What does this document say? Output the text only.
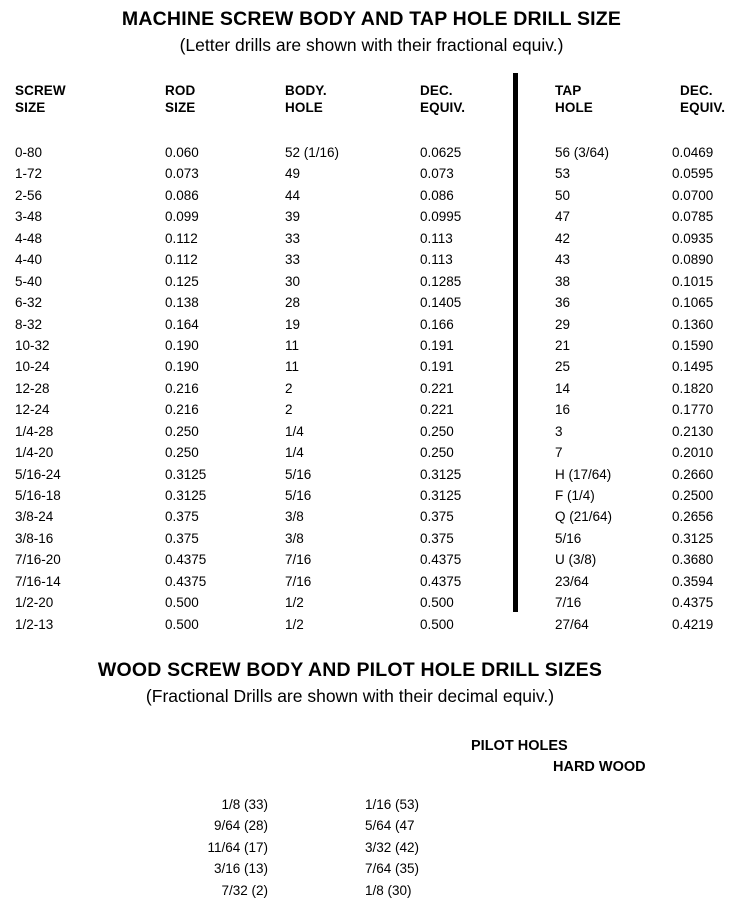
MACHINE SCREW BODY AND TAP HOLE DRILL SIZE
(Letter drills are shown with their fractional equiv.)
SCREW	ROD	BODY.	DEC.	TAP	DEC.
SIZE	SIZE	HOLE	EQUIV.	HOLE	EQUIV.
0-80	0.060	52 (1/16)	0.0625	56 (3/64)	0.0469
1-72	0.073	49	0.073	53	0.0595
2-56	0.086	44	0.086	50	0.0700
3-48	0.099	39	0.0995	47	0.0785
4-48	0.112	33	0.113	42	0.0935
4-40	0.112	33	0.113	43	0.0890
5-40	0.125	30	0.1285	38	0.1015
6-32	0.138	28	0.1405	36	0.1065
8-32	0.164	19	0.166	29	0.1360
10-32	0.190	11	0.191	21	0.1590
10-24	0.190	11	0.191	25	0.1495
12-28	0.216	2	0.221	14	0.1820
12-24	0.216	2	0.221	16	0.1770
1/4-28	0.250	1/4	0.250	3	0.2130
1/4-20	0.250	1/4	0.250	7	0.2010
5/16-24	0.3125	5/16	0.3125	H (17/64)	0.2660
5/16-18	0.3125	5/16	0.3125	F (1/4)	0.2500
3/8-24	0.375	3/8	0.375	Q (21/64)	0.2656
3/8-16	0.375	3/8	0.375	5/16	0.3125
7/16-20	0.4375	7/16	0.4375	U (3/8)	0.3680
7/16-14	0.4375	7/16	0.4375	23/64	0.3594
1/2-20	0.500	1/2	0.500	7/16	0.4375
1/2-13	0.500	1/2	0.500	27/64	0.4219
WOOD SCREW BODY AND PILOT HOLE DRILL SIZES
(Fractional Drills are shown with their decimal equiv.)
PILOT HOLES
HARD WOOD
1/8 (33)	1/16 (53)
9/64 (28)	5/64 (47
11/64 (17)	3/32 (42)
3/16 (13)	7/64 (35)
7/32 (2)	1/8 (30)
